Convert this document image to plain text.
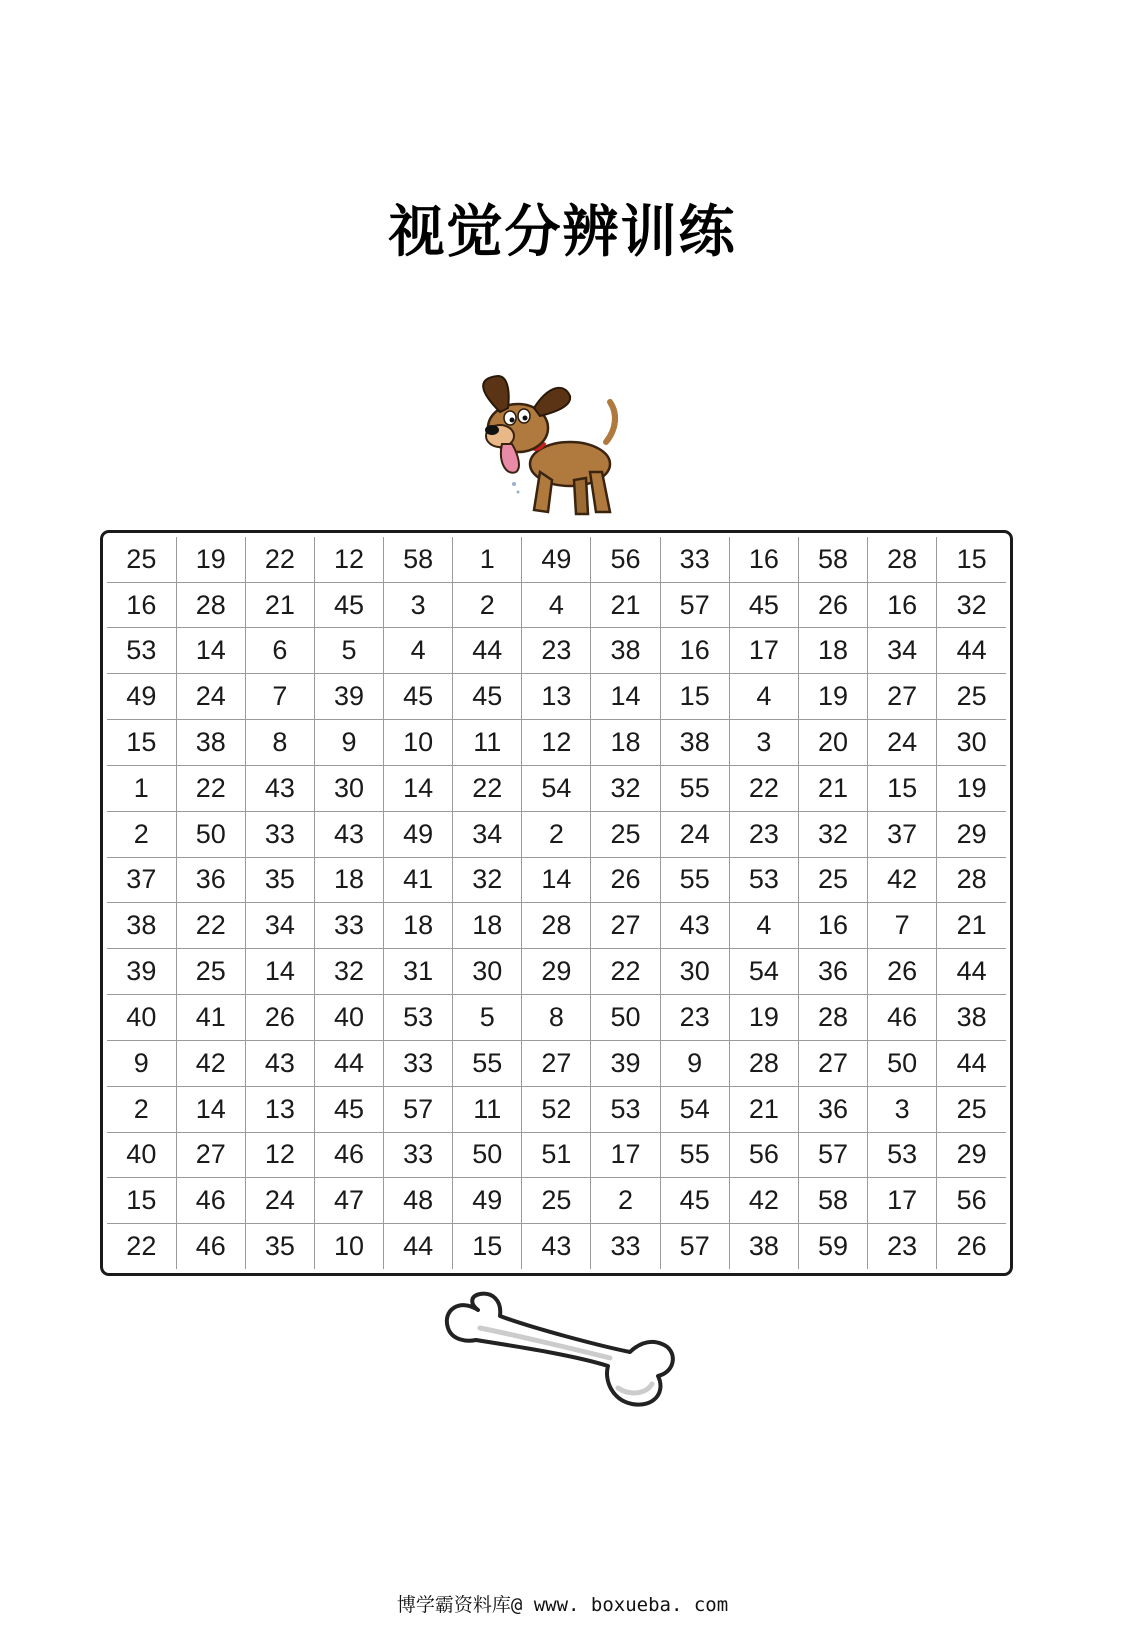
视觉分辨训练
25	19	22	12	58	1	49	56	33	16	58	28	15
16	28	21	45	3	2	4	21	57	45	26	16	32
53	14	6	5	4	44	23	38	16	17	18	34	44
49	24	7	39	45	45	13	14	15	4	19	27	25
15	38	8	9	10	11	12	18	38	3	20	24	30
1	22	43	30	14	22	54	32	55	22	21	15	19
2	50	33	43	49	34	2	25	24	23	32	37	29
37	36	35	18	41	32	14	26	55	53	25	42	28
38	22	34	33	18	18	28	27	43	4	16	7	21
39	25	14	32	31	30	29	22	30	54	36	26	44
40	41	26	40	53	5	8	50	23	19	28	46	38
9	42	43	44	33	55	27	39	9	28	27	50	44
2	14	13	45	57	11	52	53	54	21	36	3	25
40	27	12	46	33	50	51	17	55	56	57	53	29
15	46	24	47	48	49	25	2	45	42	58	17	56
22	46	35	10	44	15	43	33	57	38	59	23	26
博学霸资料库@ www. boxueba. com
